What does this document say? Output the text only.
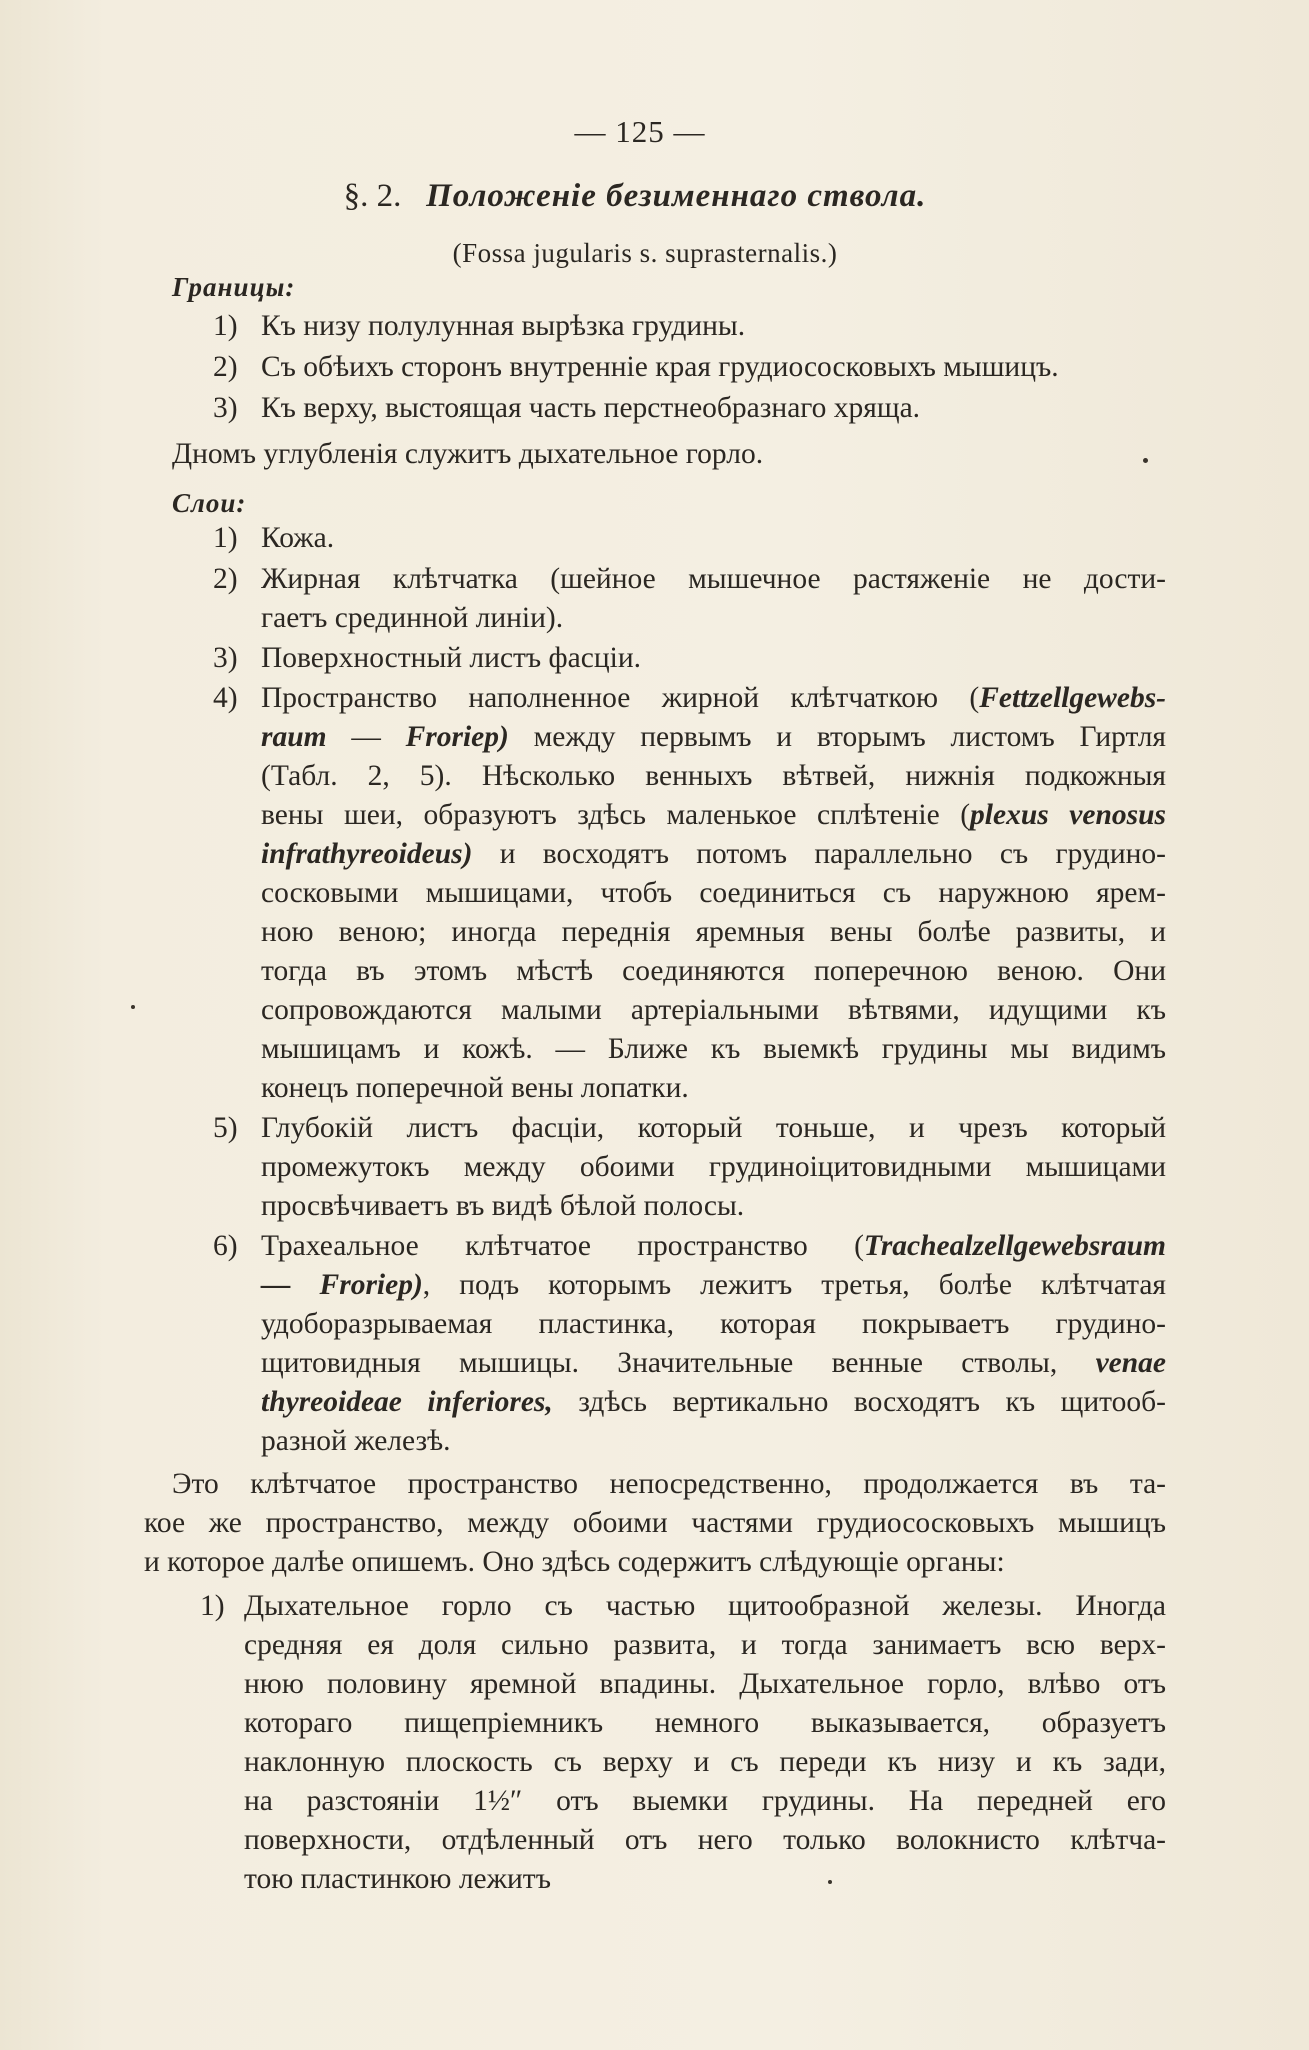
— 125 —
§. 2. Положеніе безименнаго ствола.
(Fossa jugularis s. suprasternalis.)
Границы:
1) Къ низу полулунная вырѣзка грудины.
2) Съ обѣихъ сторонъ внутренніе края грудиососковыхъ мышицъ.
3) Къ верху, выстоящая часть перстнеобразнаго хряща.
Дномъ углубленія служитъ дыхательное горло.
Слои:
1) Кожа.
2) Жирная клѣтчатка (шейное мышечное растяженіе не дости-
гаетъ срединной линіи).
3) Поверхностный листъ фасціи.
4) Пространство наполненное жирной клѣтчаткою (Fettzellgewebs-
raum — Froriep) между первымъ и вторымъ листомъ Гиртля
(Табл. 2, 5). Нѣсколько венныхъ вѣтвей, нижнія подкожныя
вены шеи, образуютъ здѣсь маленькое сплѣтеніе (plexus venosus
infrathyreoideus) и восходятъ потомъ параллельно съ грудино-
сосковыми мышицами, чтобъ соединиться съ наружною ярем-
ною веною; иногда переднія яремныя вены болѣе развиты, и
тогда въ этомъ мѣстѣ соединяются поперечною веною. Они
сопровождаются малыми артеріальными вѣтвями, идущими къ
мышицамъ и кожѣ. — Ближе къ выемкѣ грудины мы видимъ
конецъ поперечной вены лопатки.
5) Глубокій листъ фасціи, который тоньше, и чрезъ который
промежутокъ между обоими грудиноіцитовидными мышицами
просвѣчиваетъ въ видѣ бѣлой полосы.
6) Трахеальное клѣтчатое пространство (Trachealzellgewebsraum
— Froriep), подъ которымъ лежитъ третья, болѣе клѣтчатая
удоборазрываемая пластинка, которая покрываетъ грудино-
щитовидныя мышицы. Значительные венные стволы, venae
thyreoideae inferiores, здѣсь вертикально восходятъ къ щитооб-
разной железѣ.
Это клѣтчатое пространство непосредственно, продолжается въ та-
кое же пространство, между обоими частями грудиососковыхъ мышицъ
и которое далѣе опишемъ. Оно здѣсь содержитъ слѣдующіе органы:
1) Дыхательное горло съ частью щитообразной железы. Иногда
средняя ея доля сильно развита, и тогда занимаетъ всю верх-
нюю половину яремной впадины. Дыхательное горло, влѣво отъ
котораго пищепріемникъ немного выказывается, образуетъ
наклонную плоскость съ верху и съ переди къ низу и къ зади,
на разстояніи 1½″ отъ выемки грудины. На передней его
поверхности, отдѣленный отъ него только волокнисто клѣтча-
тою пластинкою лежитъ
